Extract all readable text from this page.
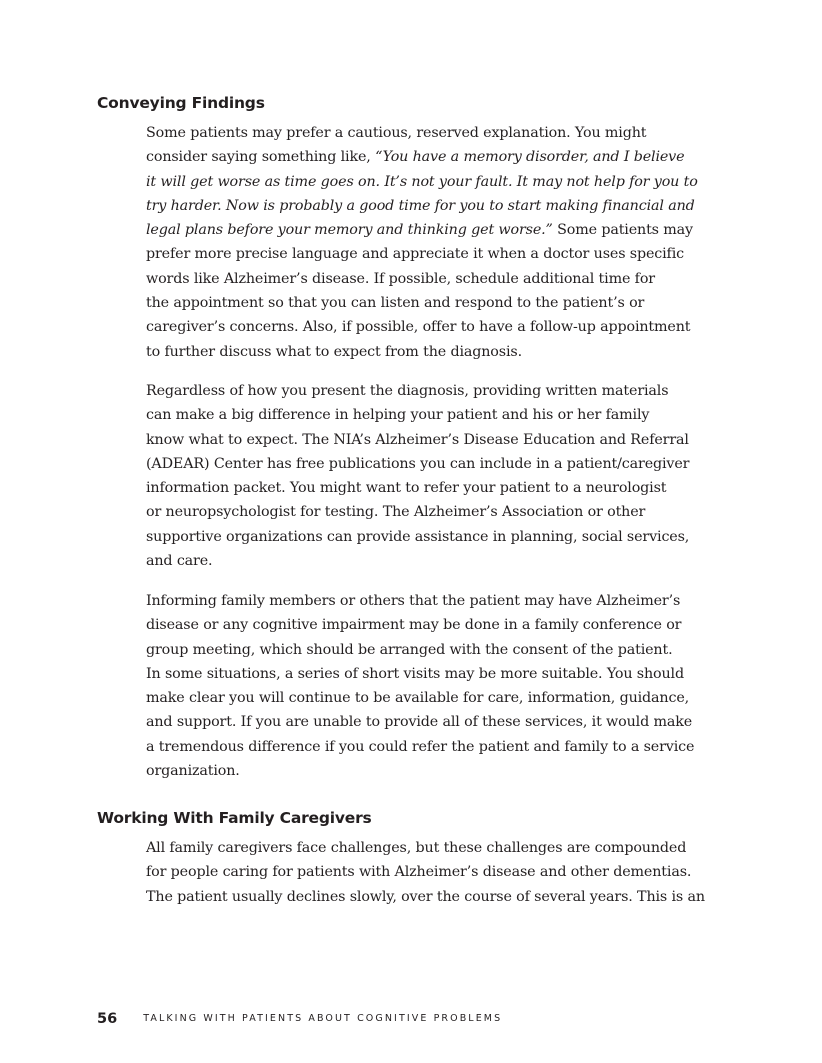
Conveying Findings
Some patients may prefer a cautious, reserved explanation. You might
consider saying something like, “You have a memory disorder, and I believe
it will get worse as time goes on. It’s not your fault. It may not help for you to
try harder. Now is probably a good time for you to start making financial and
legal plans before your memory and thinking get worse.” Some patients may
prefer more precise language and appreciate it when a doctor uses specific
words like Alzheimer’s disease. If possible, schedule additional time for
the appointment so that you can listen and respond to the patient’s or
caregiver’s concerns. Also, if possible, offer to have a follow-up appointment
to further discuss what to expect from the diagnosis.
Regardless of how you present the diagnosis, providing written materials
can make a big difference in helping your patient and his or her family
know what to expect. The NIA’s Alzheimer’s Disease Education and Referral
(ADEAR) Center has free publications you can include in a patient/caregiver
information packet. You might want to refer your patient to a neurologist
or neuropsychologist for testing. The Alzheimer’s Association or other
supportive organizations can provide assistance in planning, social services,
and care.
Informing family members or others that the patient may have Alzheimer’s
disease or any cognitive impairment may be done in a family conference or
group meeting, which should be arranged with the consent of the patient.
In some situations, a series of short visits may be more suitable. You should
make clear you will continue to be available for care, information, guidance,
and support. If you are unable to provide all of these services, it would make
a tremendous difference if you could refer the patient and family to a service
organization.
Working With Family Caregivers
All family caregivers face challenges, but these challenges are compounded
for people caring for patients with Alzheimer’s disease and other dementias.
The patient usually declines slowly, over the course of several years. This is an
56	TALKING WITH PATIENTS ABOUT COGNITIVE PROBLEMS
